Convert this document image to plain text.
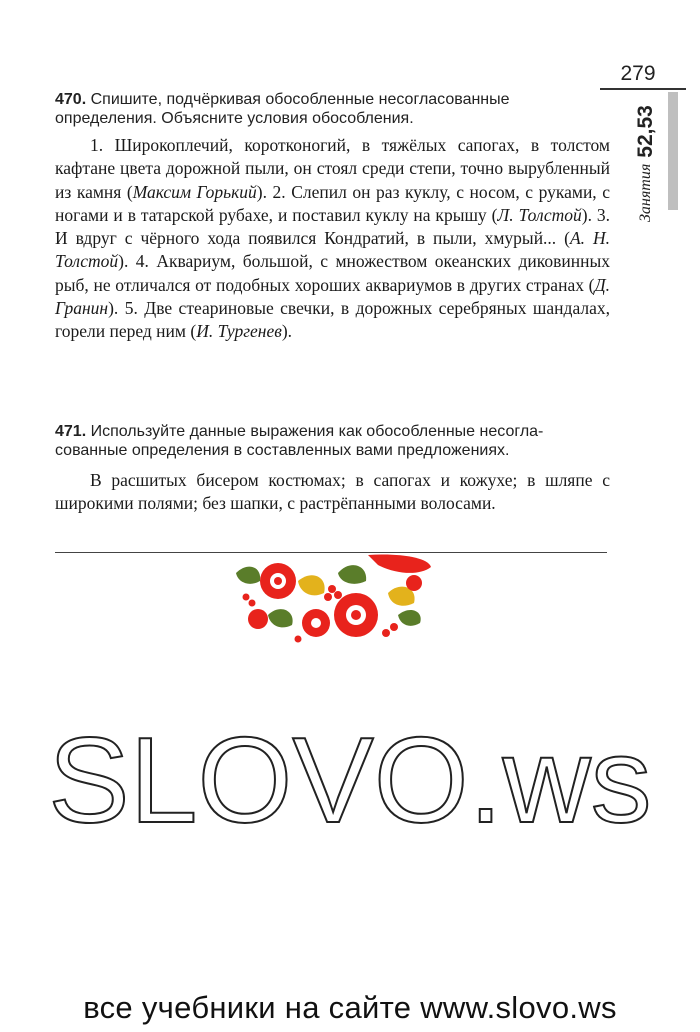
279
Занятия
52,53
470. Спишите, подчёркивая обособленные несогласованные
определения. Объясните условия обособления.

1. Широкоплечий, коротконогий, в тяжёлых сапогах, в толстом кафтане цвета дорожной пыли, он стоял среди степи, точно вырубленный из камня (Максим Горький). 2. Слепил он раз куклу, с носом, с руками, с ногами и в татарской рубахе, и поставил куклу на крышу (Л. Толстой). 3. И вдруг с чёрного хода появился Кондратий, в пыли, хмурый... (А. Н. Толстой). 4. Аквариум, большой, с множеством океанских диковинных рыб, не отличался от подобных хороших аквариумов в других странах (Д. Гранин). 5. Две стеариновые свечки, в дорожных серебряных шандалах, горели перед ним (И. Тургенев).

471. Используйте данные выражения как обособленные несогла-
сованные определения в составленных вами предложениях.

В расшитых бисером костюмах; в сапогах и кожухе; в шляпе с широкими полями; без шапки, с растрёпанными волосами.

SLOVO.ws
все учебники на сайте www.slovo.ws
